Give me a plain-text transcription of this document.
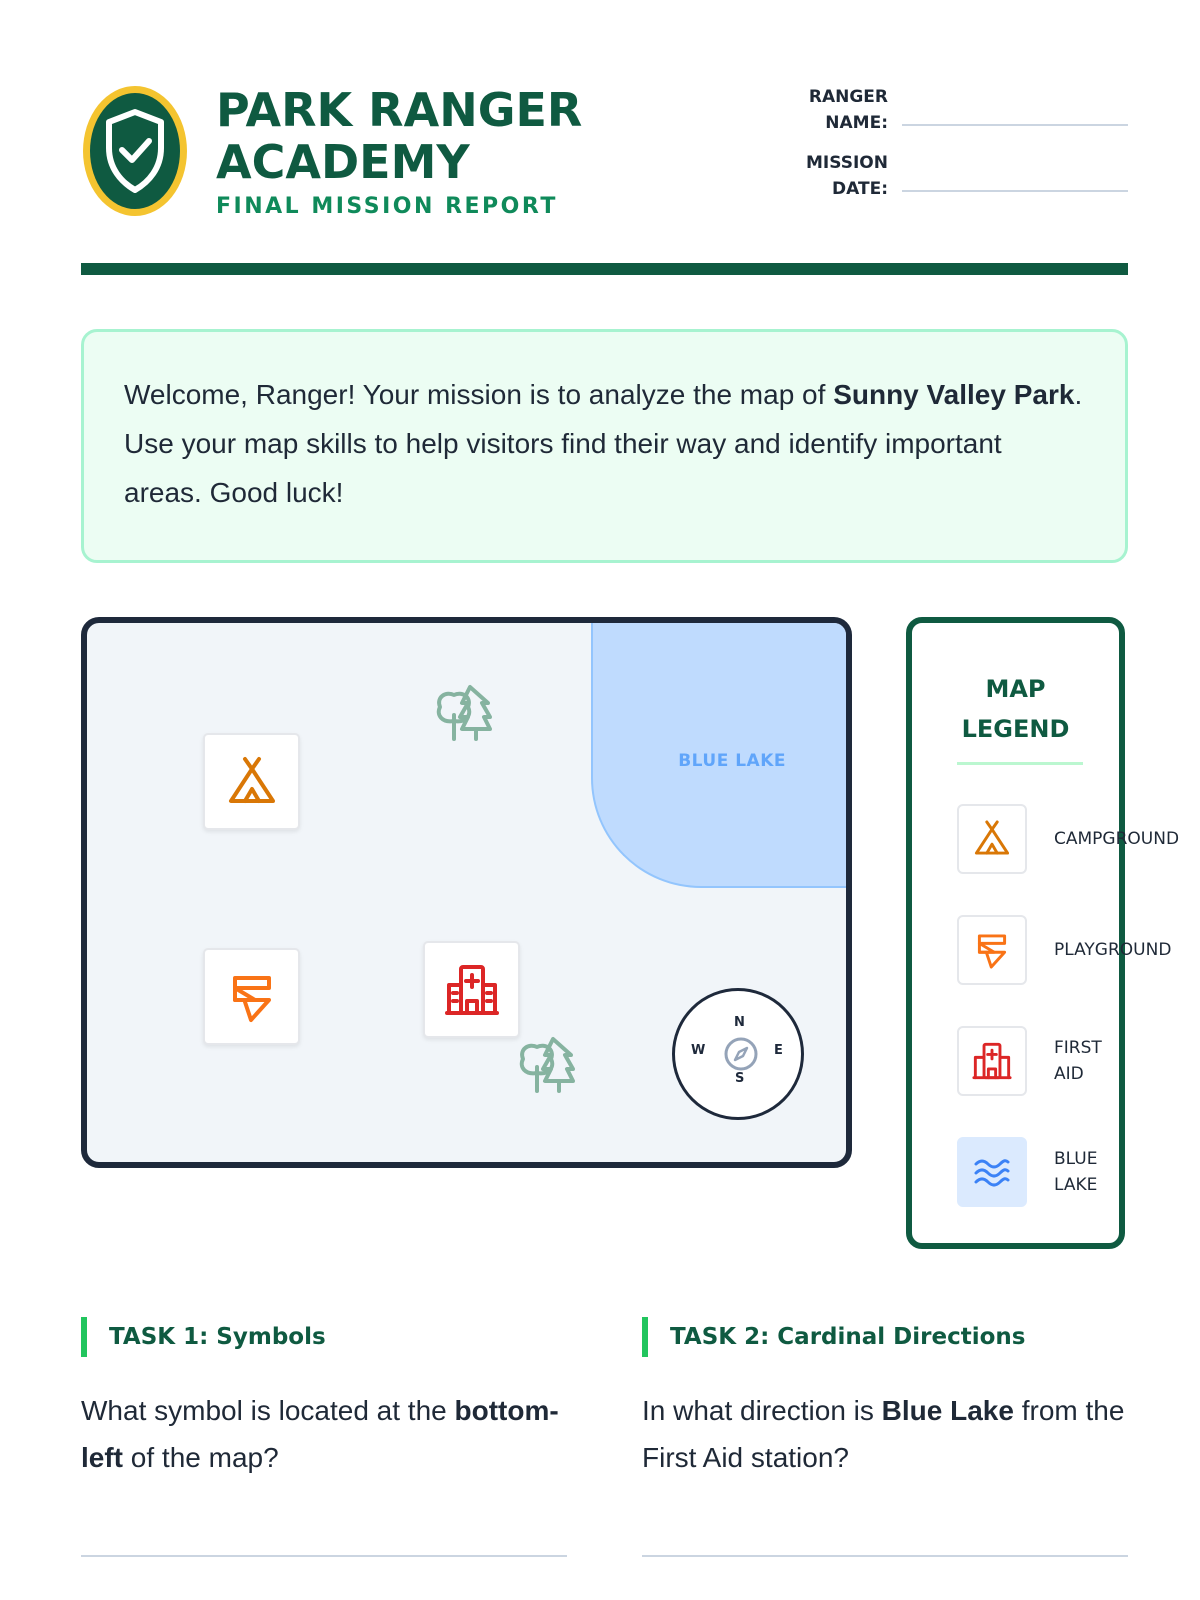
PARK RANGER
ACADEMY
FINAL MISSION REPORT
RANGER
NAME:
MISSION
DATE:

Welcome, Ranger! Your mission is to analyze the map of Sunny Valley Park. Use your map skills to help visitors find their way and identify important areas. Good luck!

BLUE LAKE
N
S
E
W
MAP
LEGEND
CAMPGROUND
PLAYGROUND
FIRST
AID
BLUE
LAKE
TASK 1: Symbols
What symbol is located at the bottom-left of the map?
TASK 2: Cardinal Directions
In what direction is Blue Lake from the First Aid station?
